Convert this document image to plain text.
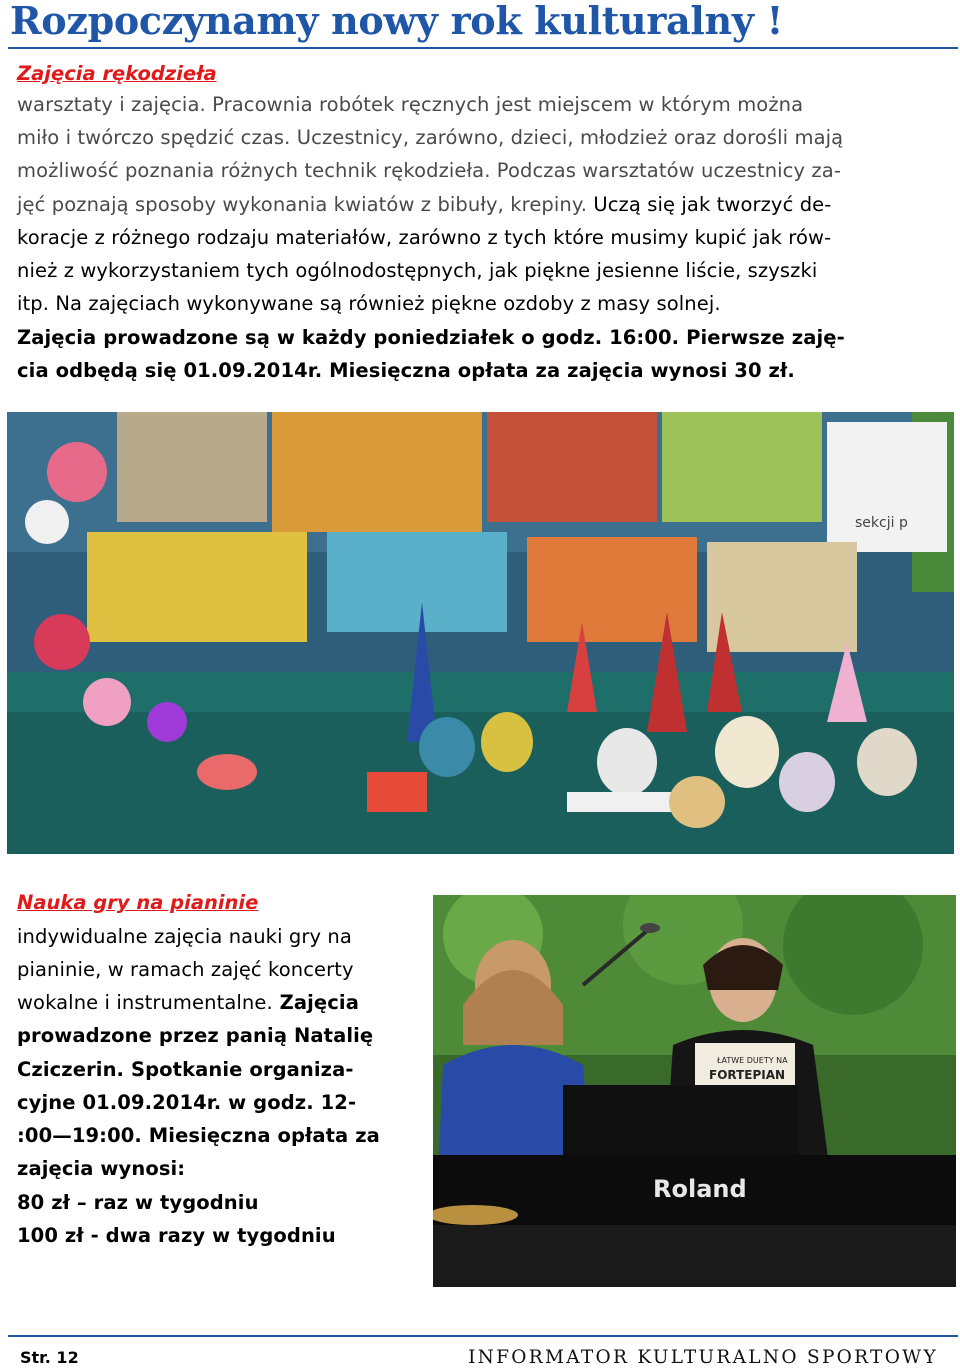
Rozpoczynamy nowy rok kulturalny !
Zajęcia rękodzieła
warsztaty i zajęcia. Pracownia robótek ręcznych jest miejscem w którym można
miło i twórczo spędzić czas. Uczestnicy, zarówno, dzieci, młodzież oraz dorośli mają
możliwość poznania różnych technik rękodzieła. Podczas warsztatów uczestnicy za-
jęć poznają sposoby wykonania kwiatów z bibuły, krepiny. Uczą się jak tworzyć de-
koracje z różnego rodzaju materiałów, zarówno z tych które musimy kupić jak rów-
nież z wykorzystaniem tych ogólnodostępnych, jak piękne jesienne liście, szyszki
itp. Na zajęciach wykonywane są również piękne ozdoby z masy solnej.
Zajęcia prowadzone są w każdy poniedziałek o godz. 16:00. Pierwsze zaję-
cia odbędą się 01.09.2014r. Miesięczna opłata za zajęcia wynosi 30 zł.
sekcji p
Nauka gry na pianinie
indywidualne zajęcia nauki gry na
pianinie, w ramach zajęć koncerty
wokalne i instrumentalne. Zajęcia
prowadzone przez panią Natalię
Cziczerin. Spotkanie organiza-
cyjne 01.09.2014r. w godz. 12-
:00—19:00. Miesięczna opłata za
zajęcia wynosi:
80 zł – raz w tygodniu
100 zł - dwa razy w tygodniu
ŁATWE DUETY NA
FORTEPIAN
Roland
Str. 12	INFORMATOR KULTURALNO SPORTOWY
